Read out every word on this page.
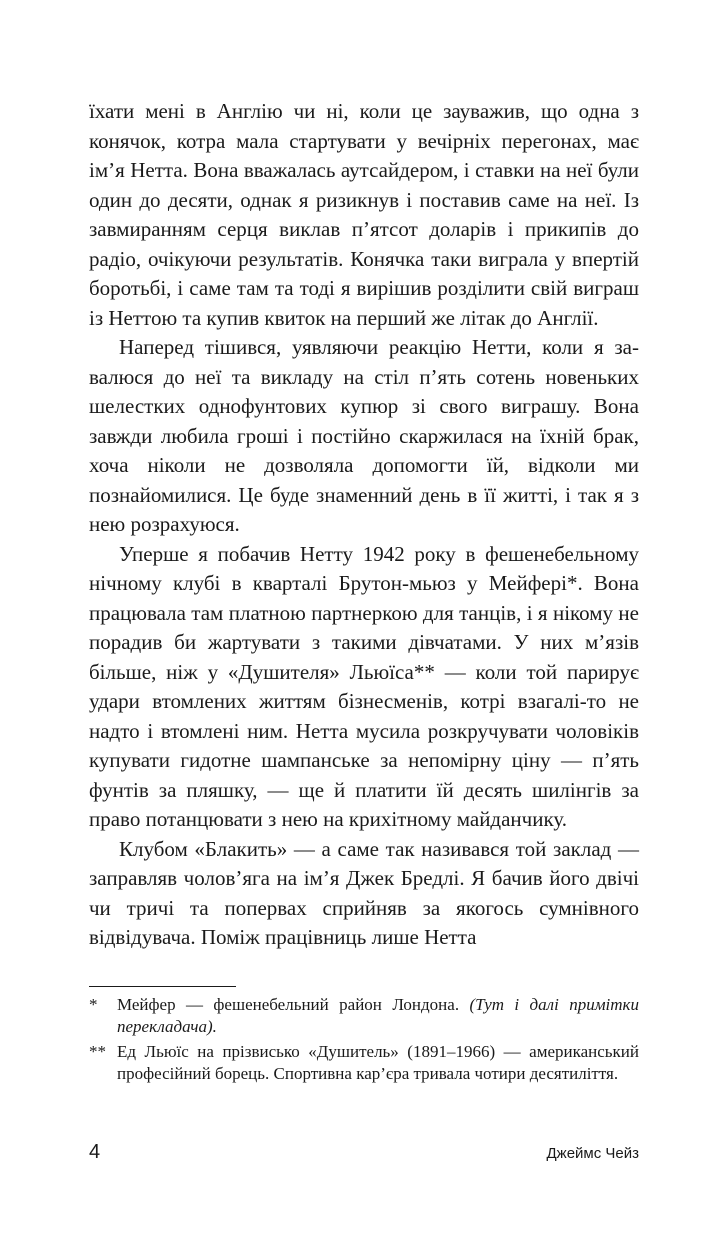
їхати мені в Англію чи ні, коли це зауважив, що одна з конячок, котра мала стартувати у вечірніх перегонах, має ім’я Нетта. Вона вважалась аутсайдером, і ставки на неї були один до десяти, однак я ризикнув і поставив саме на неї. Із завмиранням серця виклав п’ятсот доларів і прикипів до радіо, очікуючи результатів. Конячка таки виграла у впертій боротьбі, і саме там та тоді я вирішив розділити свій виграш із Неттою та купив квиток на перший же літак до Англії.

Наперед тішився, уявляючи реакцію Нетти, коли я завалюся до неї та викладу на стіл п’ять сотень новеньких шелестких однофунтових купюр зі свого виграшу. Вона завжди любила гроші і постійно скаржилася на їхній брак, хоча ніколи не дозволяла допомогти їй, відколи ми познайомилися. Це буде знаменний день в її житті, і так я з нею розрахуюся.

Уперше я побачив Нетту 1942 року в фешенебельному нічному клубі в кварталі Брутон-мьюз у Мейфері*. Вона працювала там платною партнеркою для танців, і я нікому не порадив би жартувати з такими дівчатами. У них м’язів більше, ніж у «Душителя» Льюїса** — коли той парирує удари втомлених життям бізнесменів, котрі взагалі-то не надто і втомлені ним. Нетта мусила розкручувати чоловіків купувати гидотне шампанське за непомірну ціну — п’ять фунтів за пляшку, — ще й платити їй десять шилінгів за право потанцювати з нею на крихітному майданчику.

Клубом «Блакить» — а саме так називався той заклад — заправляв чолов’яга на ім’я Джек Бредлі. Я бачив його двічі чи тричі та попервах сприйняв за якогось сумнівного відвідувача. Поміж працівниць лише Нетта

*	Мейфер — фешенебельний район Лондона. (Тут і далі примітки перекладача).
** Ед Льюїс на прізвисько «Душитель» (1891–1966) — американський професійний борець. Спортивна кар’єра тривала чотири десятиліття.
4	Джеймс Чейз
